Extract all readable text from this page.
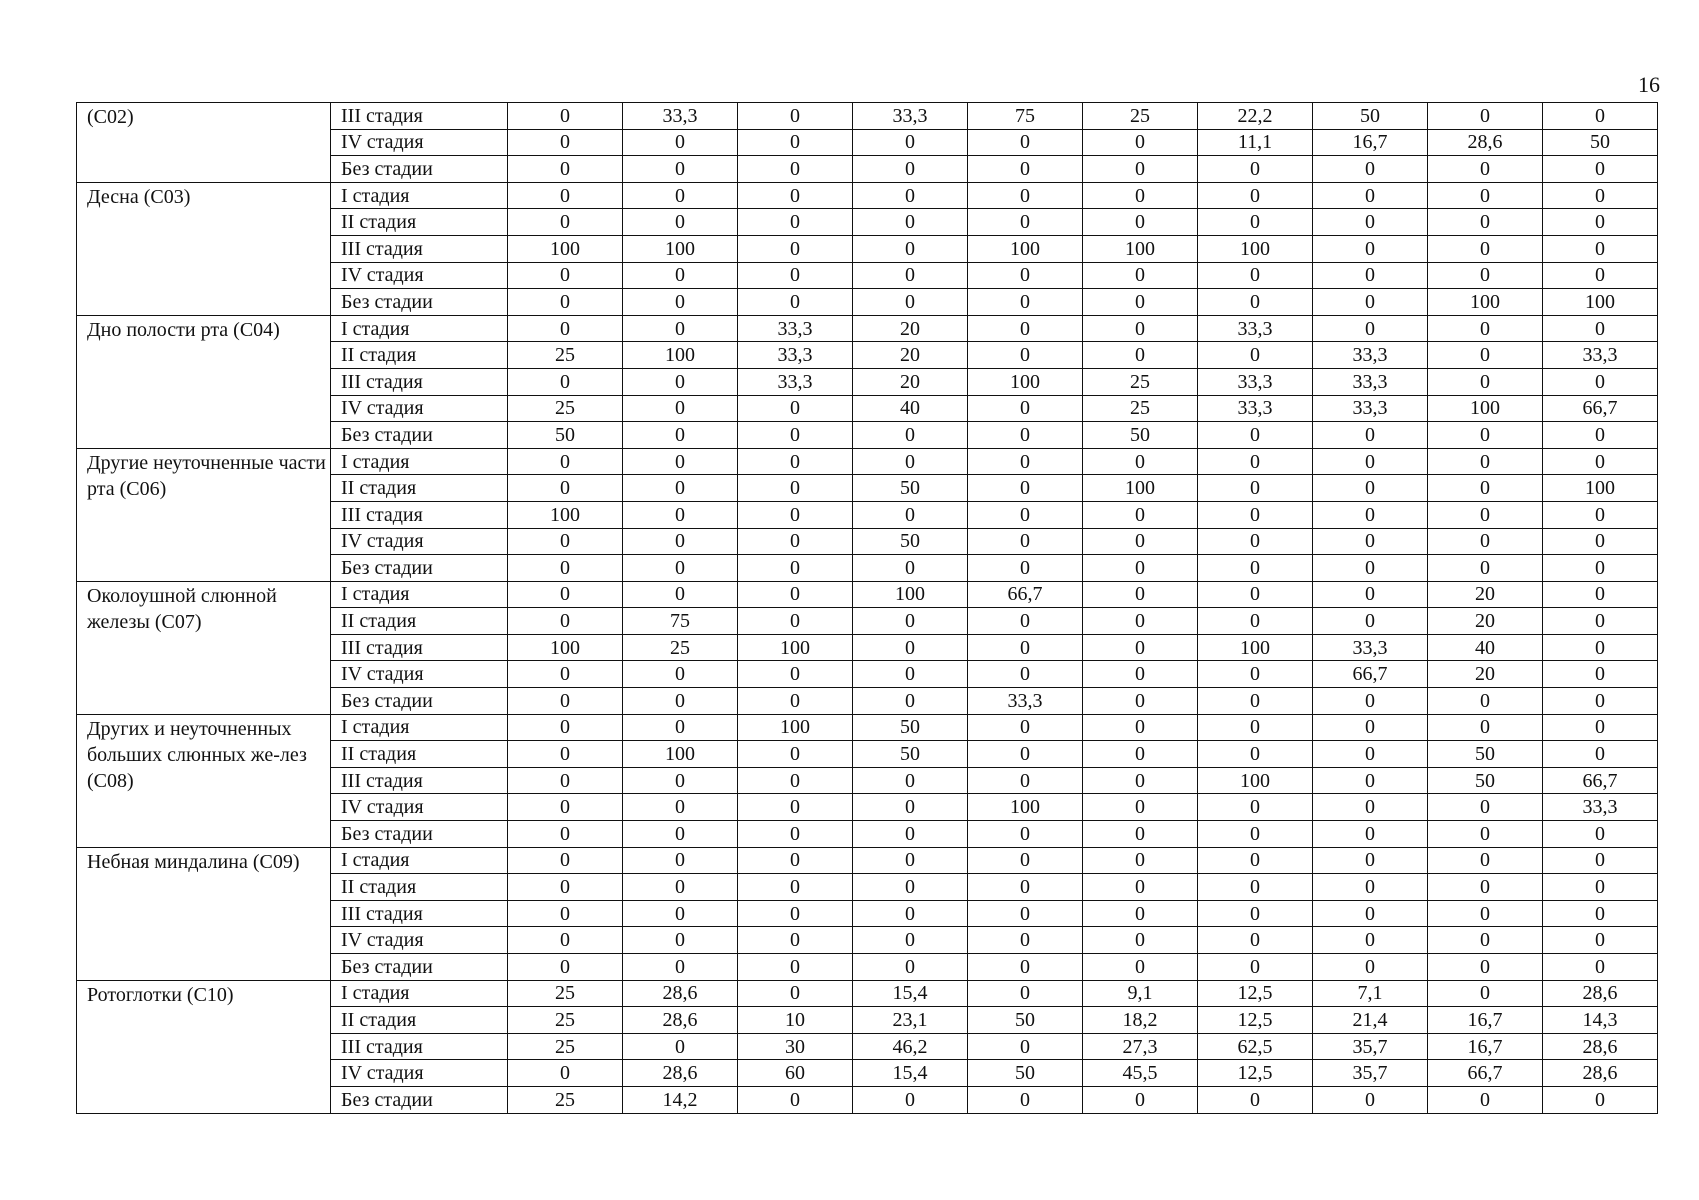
16
(C02)	III стадия	0	33,3	0	33,3	75	25	22,2	50	0	0
	IV стадия	0	0	0	0	0	0	11,1	16,7	28,6	50
	Без стадии	0	0	0	0	0	0	0	0	0	0
Десна (C03)	I стадия	0	0	0	0	0	0	0	0	0	0
	II стадия	0	0	0	0	0	0	0	0	0	0
	III стадия	100	100	0	0	100	100	100	0	0	0
	IV стадия	0	0	0	0	0	0	0	0	0	0
	Без стадии	0	0	0	0	0	0	0	0	100	100
Дно полости рта (C04)	I стадия	0	0	33,3	20	0	0	33,3	0	0	0
	II стадия	25	100	33,3	20	0	0	0	33,3	0	33,3
	III стадия	0	0	33,3	20	100	25	33,3	33,3	0	0
	IV стадия	25	0	0	40	0	25	33,3	33,3	100	66,7
	Без стадии	50	0	0	0	0	50	0	0	0	0
Другие неуточненные части рта (C06)	I стадия	0	0	0	0	0	0	0	0	0	0
	II стадия	0	0	0	50	0	100	0	0	0	100
	III стадия	100	0	0	0	0	0	0	0	0	0
	IV стадия	0	0	0	50	0	0	0	0	0	0
	Без стадии	0	0	0	0	0	0	0	0	0	0
Околоушной слюнной железы (C07)	I стадия	0	0	0	100	66,7	0	0	0	20	0
	II стадия	0	75	0	0	0	0	0	0	20	0
	III стадия	100	25	100	0	0	0	100	33,3	40	0
	IV стадия	0	0	0	0	0	0	0	66,7	20	0
	Без стадии	0	0	0	0	33,3	0	0	0	0	0
Других и неуточненных больших слюнных же-лез (C08)	I стадия	0	0	100	50	0	0	0	0	0	0
	II стадия	0	100	0	50	0	0	0	0	50	0
	III стадия	0	0	0	0	0	0	100	0	50	66,7
	IV стадия	0	0	0	0	100	0	0	0	0	33,3
	Без стадии	0	0	0	0	0	0	0	0	0	0
Небная миндалина (C09)	I стадия	0	0	0	0	0	0	0	0	0	0
	II стадия	0	0	0	0	0	0	0	0	0	0
	III стадия	0	0	0	0	0	0	0	0	0	0
	IV стадия	0	0	0	0	0	0	0	0	0	0
	Без стадии	0	0	0	0	0	0	0	0	0	0
Ротоглотки (C10)	I стадия	25	28,6	0	15,4	0	9,1	12,5	7,1	0	28,6
	II стадия	25	28,6	10	23,1	50	18,2	12,5	21,4	16,7	14,3
	III стадия	25	0	30	46,2	0	27,3	62,5	35,7	16,7	28,6
	IV стадия	0	28,6	60	15,4	50	45,5	12,5	35,7	66,7	28,6
	Без стадии	25	14,2	0	0	0	0	0	0	0	0
